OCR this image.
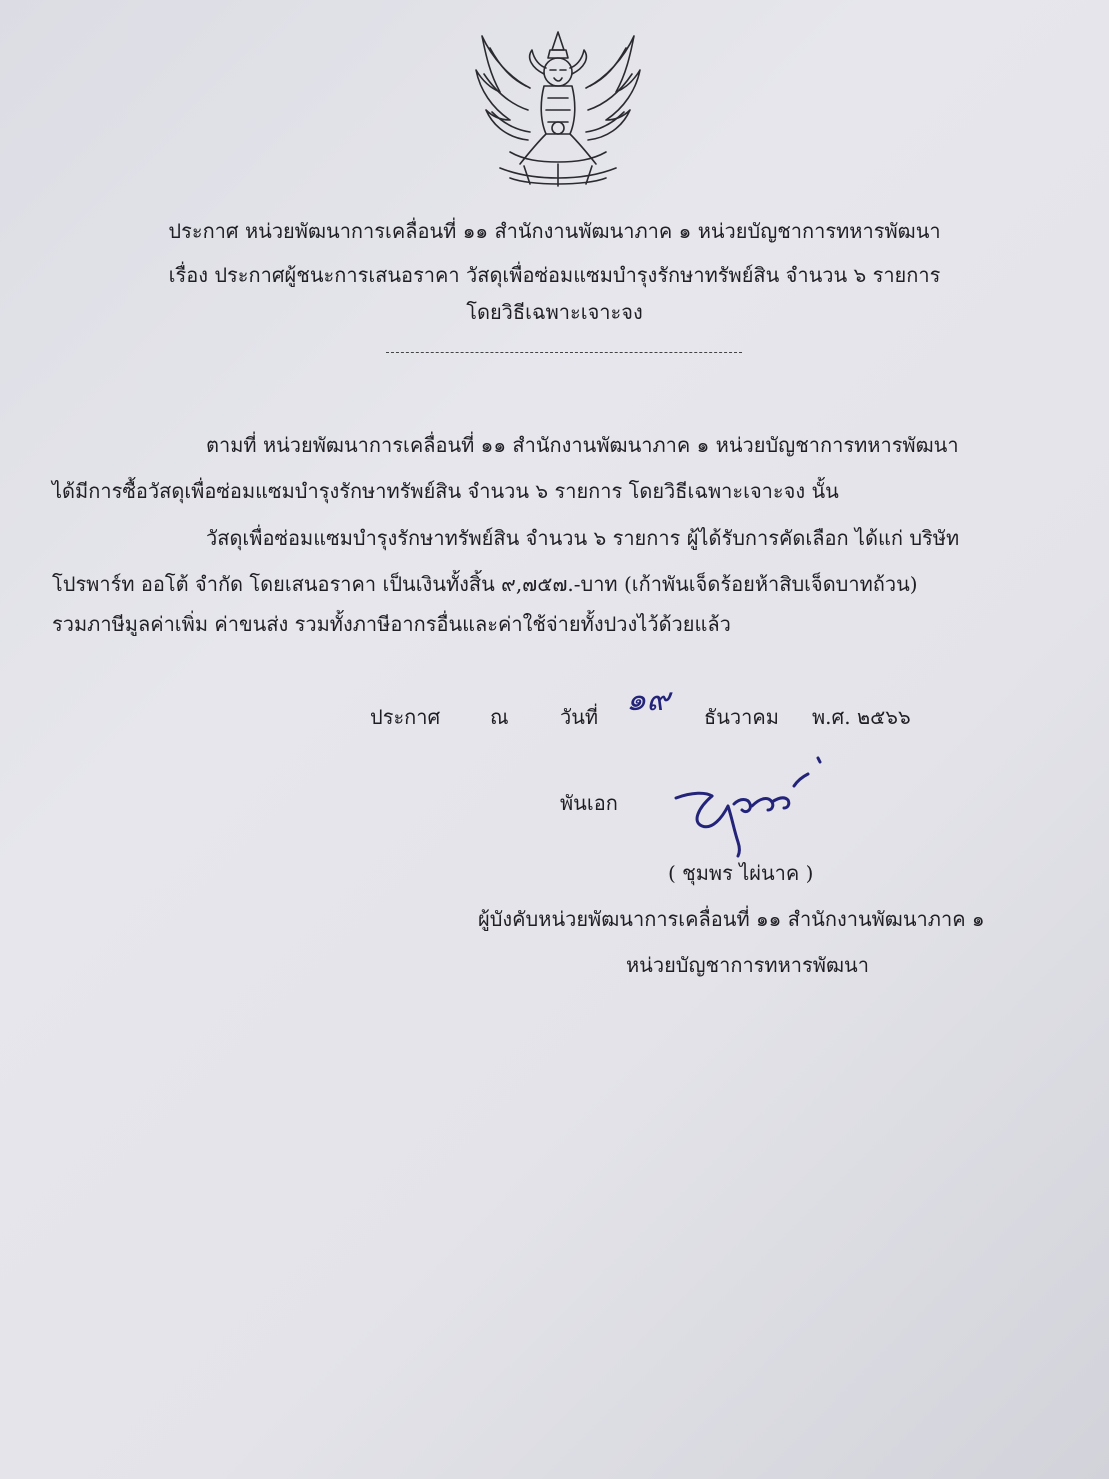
ประกาศ หน่วยพัฒนาการเคลื่อนที่ ๑๑ สำนักงานพัฒนาภาค ๑ หน่วยบัญชาการทหารพัฒนา
เรื่อง ประกาศผู้ชนะการเสนอราคา วัสดุเพื่อซ่อมแซมบำรุงรักษาทรัพย์สิน จำนวน ๖ รายการ
โดยวิธีเฉพาะเจาะจง
ตามที่ หน่วยพัฒนาการเคลื่อนที่ ๑๑ สำนักงานพัฒนาภาค ๑ หน่วยบัญชาการทหารพัฒนา
ได้มีการซื้อวัสดุเพื่อซ่อมแซมบำรุงรักษาทรัพย์สิน จำนวน ๖ รายการ โดยวิธีเฉพาะเจาะจง นั้น
วัสดุเพื่อซ่อมแซมบำรุงรักษาทรัพย์สิน จำนวน ๖ รายการ ผู้ได้รับการคัดเลือก ได้แก่ บริษัท
โปรพาร์ท ออโต้ จำกัด โดยเสนอราคา เป็นเงินทั้งสิ้น ๙,๗๕๗.-บาท (เก้าพันเจ็ดร้อยห้าสิบเจ็ดบาทถ้วน)
รวมภาษีมูลค่าเพิ่ม ค่าขนส่ง รวมทั้งภาษีอากรอื่นและค่าใช้จ่ายทั้งปวงไว้ด้วยแล้ว
ประกาศ ณ	วันที่ ๑๙ ธันวาคม พ.ศ. ๒๕๖๖
พันเอก
( ชุมพร ไผ่นาค )
ผู้บังคับหน่วยพัฒนาการเคลื่อนที่ ๑๑ สำนักงานพัฒนาภาค ๑
หน่วยบัญชาการทหารพัฒนา
